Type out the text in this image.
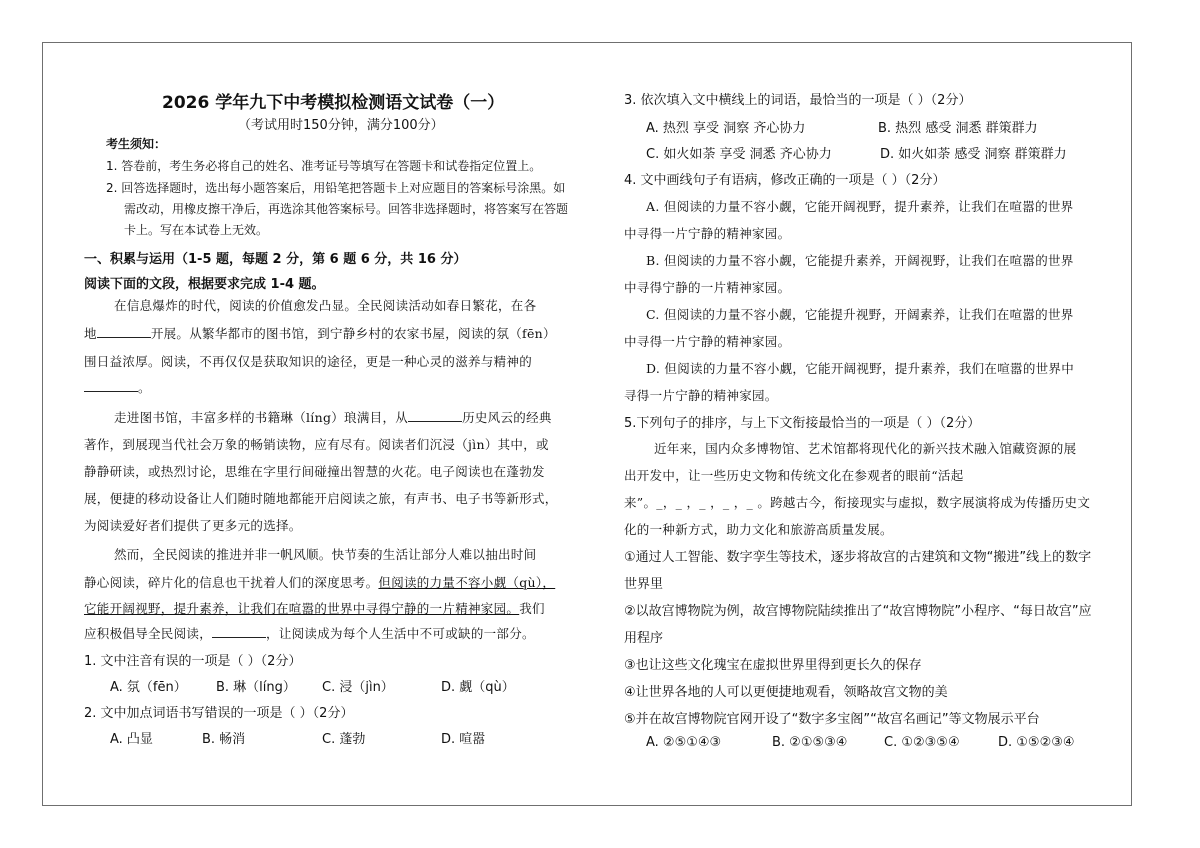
2026 学年九下中考模拟检测语文试卷（一）
（考试用时150分钟，满分100分）
考生须知：
1. 答卷前，考生务必将自己的姓名、准考证号等填写在答题卡和试卷指定位置上。
2. 回答选择题时，选出每小题答案后，用铅笔把答题卡上对应题目的答案标号涂黑。如
需改动，用橡皮擦干净后，再选涂其他答案标号。回答非选择题时，将答案写在答题
卡上。写在本试卷上无效。
一、积累与运用（1-5 题，每题 2 分，第 6 题 6 分，共 16 分）
阅读下面的文段，根据要求完成 1-4 题。
在信息爆炸的时代，阅读的价值愈发凸显。全民阅读活动如春日繁花，在各
地	开展。从繁华都市的图书馆，到宁静乡村的农家书屋，阅读的氛（fēn）
围日益浓厚。阅读，不再仅仅是获取知识的途径，更是一种心灵的滋养与精神的
。
走进图书馆，丰富多样的书籍琳（líng）琅满目，从	历史风云的经典
著作，到展现当代社会万象的畅销读物，应有尽有。阅读者们沉浸（jìn）其中，或
静静研读，或热烈讨论，思维在字里行间碰撞出智慧的火花。电子阅读也在蓬勃发
展，便捷的移动设备让人们随时随地都能开启阅读之旅，有声书、电子书等新形式，
为阅读爱好者们提供了更多元的选择。
然而，全民阅读的推进并非一帆风顺。快节奏的生活让部分人难以抽出时间
静心阅读，碎片化的信息也干扰着人们的深度思考。但阅读的力量不容小觑（qù），
它能开阔视野，提升素养，让我们在喧嚣的世界中寻得宁静的一片精神家园。我们
应积极倡导全民阅读，	，让阅读成为每个人生活中不可或缺的一部分。
1. 文中注音有误的一项是（ ）（2分）
A. 氛（fēn） B. 琳（líng） C. 浸（jìn）	D. 觑（qù）
2. 文中加点词语书写错误的一项是（ ）（2分）
A. 凸显	B. 畅消	C. 蓬勃	D. 喧嚣
3. 依次填入文中横线上的词语，最恰当的一项是（ ）（2分）
A. 热烈 享受 洞察 齐心协力	B. 热烈 感受 洞悉 群策群力
C. 如火如荼 享受 洞悉 齐心协力	D. 如火如荼 感受 洞察 群策群力
4. 文中画线句子有语病，修改正确的一项是（ ）（2分）
A. 但阅读的力量不容小觑，它能开阔视野，提升素养，让我们在喧嚣的世界
中寻得一片宁静的精神家园。
B. 但阅读的力量不容小觑，它能提升素养，开阔视野，让我们在喧嚣的世界
中寻得宁静的一片精神家园。
C. 但阅读的力量不容小觑，它能提升视野，开阔素养，让我们在喧嚣的世界
中寻得一片宁静的精神家园。
D. 但阅读的力量不容小觑，它能开阔视野，提升素养，我们在喧嚣的世界中
寻得一片宁静的精神家园。
5.下列句子的排序，与上下文衔接最恰当的一项是（ ）（2分）
近年来，国内众多博物馆、艺术馆都将现代化的新兴技术融入馆藏资源的展
出开发中，让一些历史文物和传统文化在参观者的眼前“活起
来”。_，_ ，_ ，_ ，_ 。跨越古今，衔接现实与虚拟，数字展演将成为传播历史文
化的一种新方式，助力文化和旅游高质量发展。
①通过人工智能、数字孪生等技术，逐步将故宫的古建筑和文物“搬进”线上的数字
世界里
②以故宫博物院为例，故宫博物院陆续推出了“故宫博物院”小程序、“每日故宫”应
用程序
③也让这些文化瑰宝在虚拟世界里得到更长久的保存
④让世界各地的人可以更便捷地观看，领略故宫文物的美
⑤并在故宫博物院官网开设了“数字多宝阁”“故宫名画记”等文物展示平台
A. ②⑤①④③	B. ②①⑤③④	C. ①②③⑤④	D. ①⑤②③④
